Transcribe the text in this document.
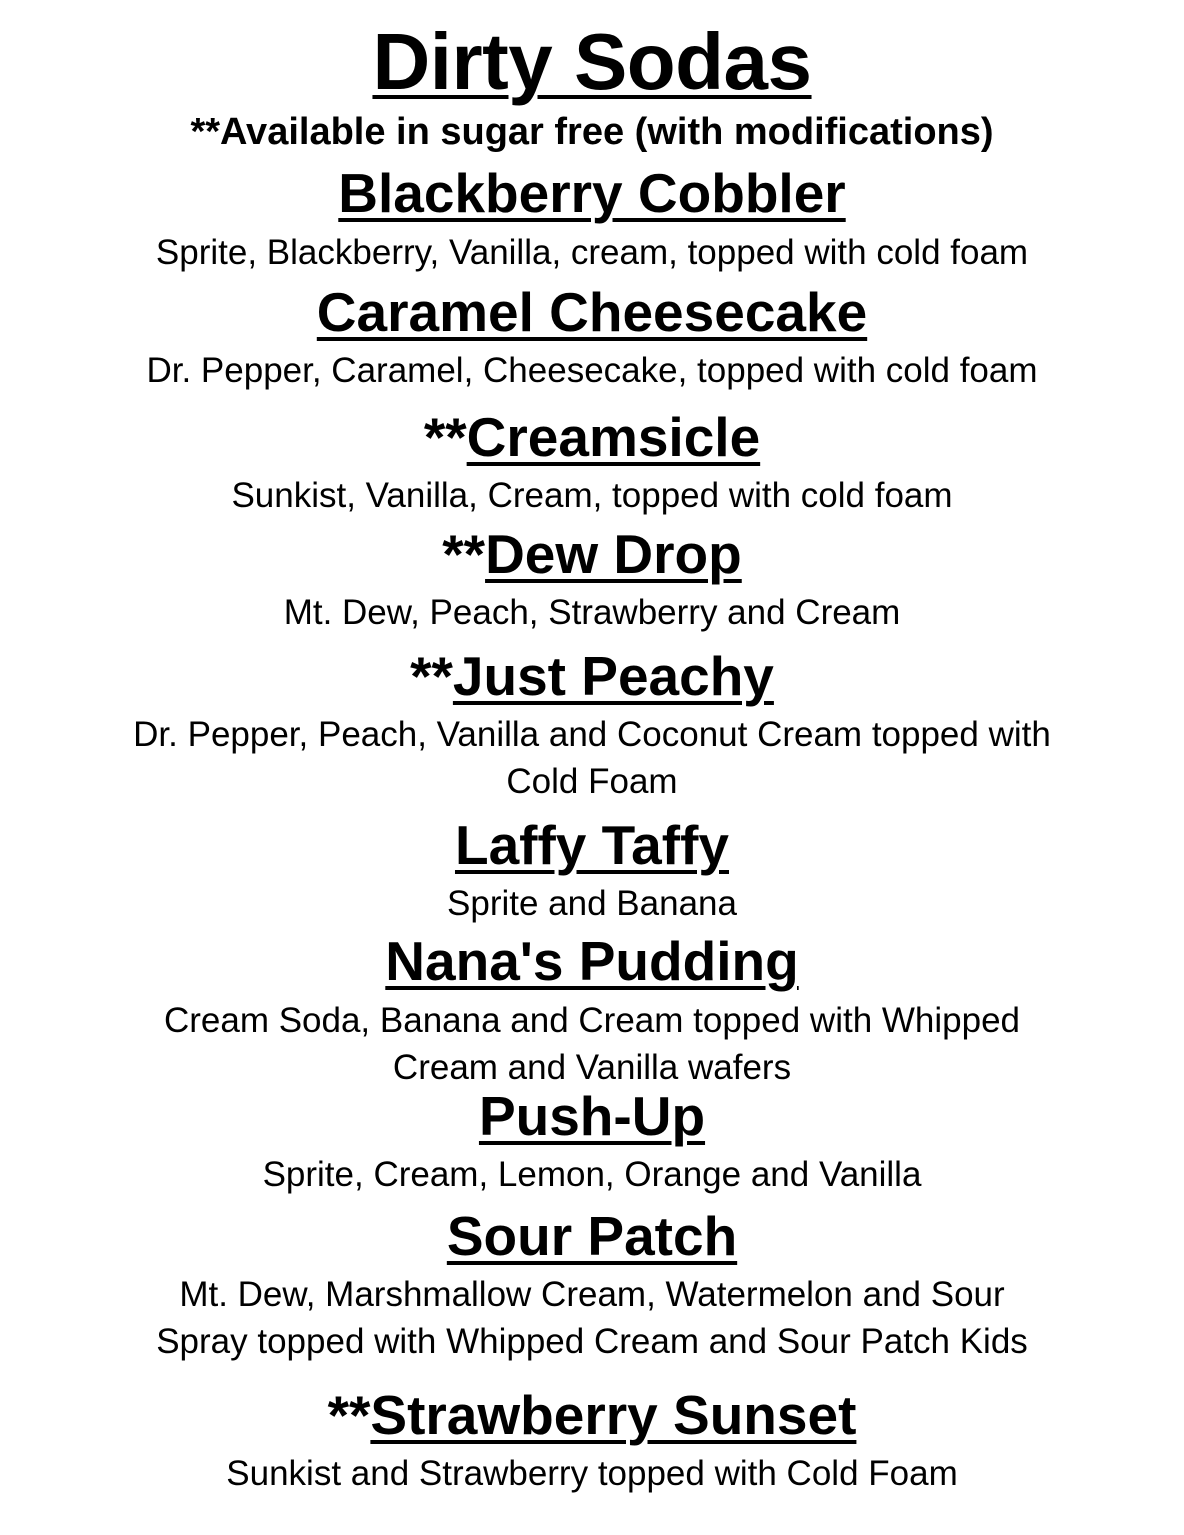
Dirty Sodas
**Available in sugar free (with modifications)
Blackberry Cobbler
Sprite, Blackberry, Vanilla, cream, topped with cold foam
Caramel Cheesecake
Dr. Pepper, Caramel, Cheesecake, topped with cold foam
**Creamsicle
Sunkist, Vanilla, Cream, topped with cold foam
**Dew Drop
Mt. Dew, Peach, Strawberry and Cream
**Just Peachy
Dr. Pepper, Peach, Vanilla and Coconut Cream topped with
Cold Foam
Laffy Taffy
Sprite and Banana
Nana's Pudding
Cream Soda, Banana and Cream topped with Whipped
Cream and Vanilla wafers
Push-Up
Sprite, Cream, Lemon, Orange and Vanilla
Sour Patch
Mt. Dew, Marshmallow Cream, Watermelon and Sour
Spray topped with Whipped Cream and Sour Patch Kids
**Strawberry Sunset
Sunkist and Strawberry topped with Cold Foam
